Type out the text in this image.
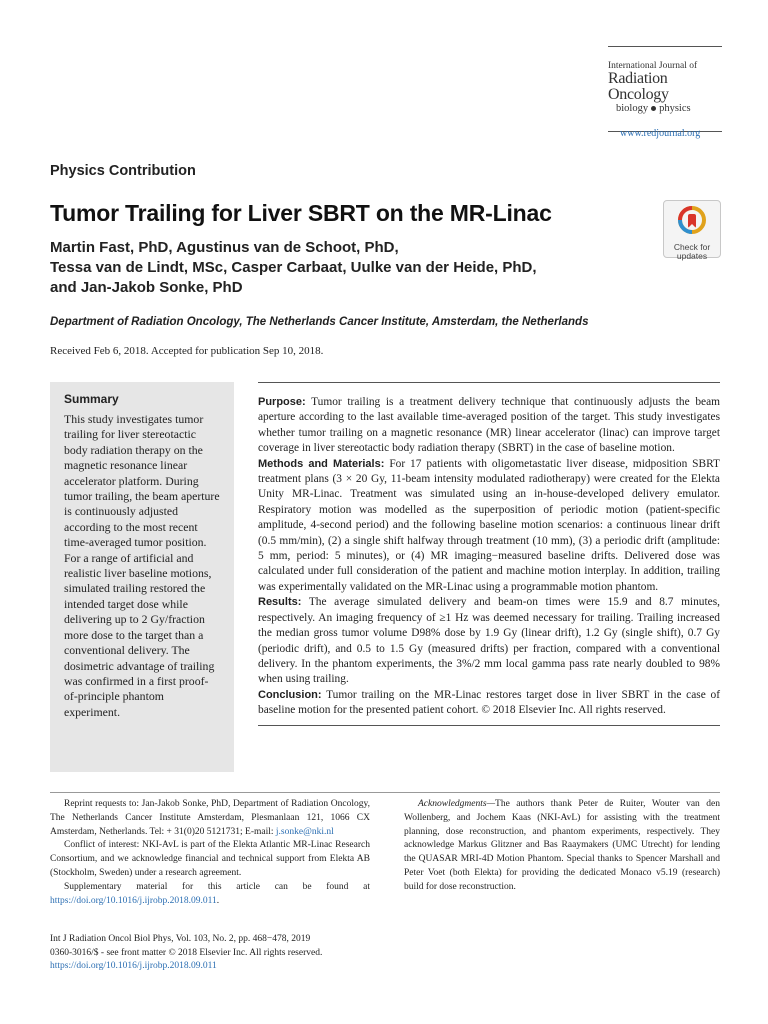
International Journal of
Radiation Oncology
biology physics
www.redjournal.org
Physics Contribution
Tumor Trailing for Liver SBRT on the MR-Linac
Check for
updates
Martin Fast, PhD, Agustinus van de Schoot, PhD,
Tessa van de Lindt, MSc, Casper Carbaat, Uulke van der Heide, PhD,
and Jan-Jakob Sonke, PhD
Department of Radiation Oncology, The Netherlands Cancer Institute, Amsterdam, the Netherlands
Received Feb 6, 2018. Accepted for publication Sep 10, 2018.
Summary
This study investigates tumor trailing for liver stereotactic body radiation therapy on the magnetic resonance linear accelerator platform. During tumor trailing, the beam aperture is continuously adjusted according to the most recent time-averaged tumor position. For a range of artificial and realistic liver baseline motions, simulated trailing restored the intended target dose while delivering up to 2 Gy/fraction more dose to the target than a conventional delivery. The dosimetric advantage of trailing was confirmed in a first proof-of-principle phantom experiment.

Purpose: Tumor trailing is a treatment delivery technique that continuously adjusts the beam aperture according to the last available time-averaged position of the target. This study investigates whether tumor trailing on a magnetic resonance (MR) linear accelerator (linac) can improve target coverage in liver stereotactic body radiation therapy (SBRT) in the case of baseline motion.

Methods and Materials: For 17 patients with oligometastatic liver disease, midposition SBRT treatment plans (3 × 20 Gy, 11-beam intensity modulated radiotherapy) were created for the Elekta Unity MR-Linac. Treatment was simulated using an in-house-developed delivery emulator. Respiratory motion was modelled as the superposition of periodic motion (patient-specific amplitude, 4-second period) and the following baseline motion scenarios: a continuous linear drift (0.5 mm/min), (2) a single shift halfway through treatment (10 mm), (3) a periodic drift (amplitude: 5 mm, period: 5 minutes), or (4) MR imaging−measured baseline drifts. Delivered dose was calculated under full consideration of the patient and machine motion interplay. In addition, trailing was experimentally validated on the MR-Linac using a programmable motion phantom.

Results: The average simulated delivery and beam-on times were 15.9 and 8.7 minutes, respectively. An imaging frequency of ≥1 Hz was deemed necessary for trailing. Trailing increased the median gross tumor volume D98% dose by 1.9 Gy (linear drift), 1.2 Gy (single shift), 0.7 Gy (periodic drift), and 0.5 to 1.5 Gy (measured drifts) per fraction, compared with a conventional delivery. In the phantom experiments, the 3%/2 mm local gamma pass rate nearly doubled to 98% when using trailing.

Conclusion: Tumor trailing on the MR-Linac restores target dose in liver SBRT in the case of baseline motion for the presented patient cohort. © 2018 Elsevier Inc. All rights reserved.

Reprint requests to: Jan-Jakob Sonke, PhD, Department of Radiation Oncology, The Netherlands Cancer Institute Amsterdam, Plesmanlaan 121, 1066 CX Amsterdam, Netherlands. Tel: + 31(0)20 5121731; E-mail: j.sonke@nki.nl

Conflict of interest: NKI-AvL is part of the Elekta Atlantic MR-Linac Research Consortium, and we acknowledge financial and technical support from Elekta AB (Stockholm, Sweden) under a research agreement.

Supplementary material for this article can be found at https://doi.org/10.1016/j.ijrobp.2018.09.011.

Acknowledgments—The authors thank Peter de Ruiter, Wouter van den Wollenberg, and Jochem Kaas (NKI-AvL) for assisting with the treatment planning, dose reconstruction, and phantom experiments, respectively. They acknowledge Markus Glitzner and Bas Raaymakers (UMC Utrecht) for lending the QUASAR MRI-4D Motion Phantom. Special thanks to Spencer Marshall and Peter Voet (both Elekta) for providing the dedicated Monaco v5.19 (research) build for dose reconstruction.
Int J Radiation Oncol Biol Phys, Vol. 103, No. 2, pp. 468−478, 2019
0360-3016/$ - see front matter © 2018 Elsevier Inc. All rights reserved.
https://doi.org/10.1016/j.ijrobp.2018.09.011
